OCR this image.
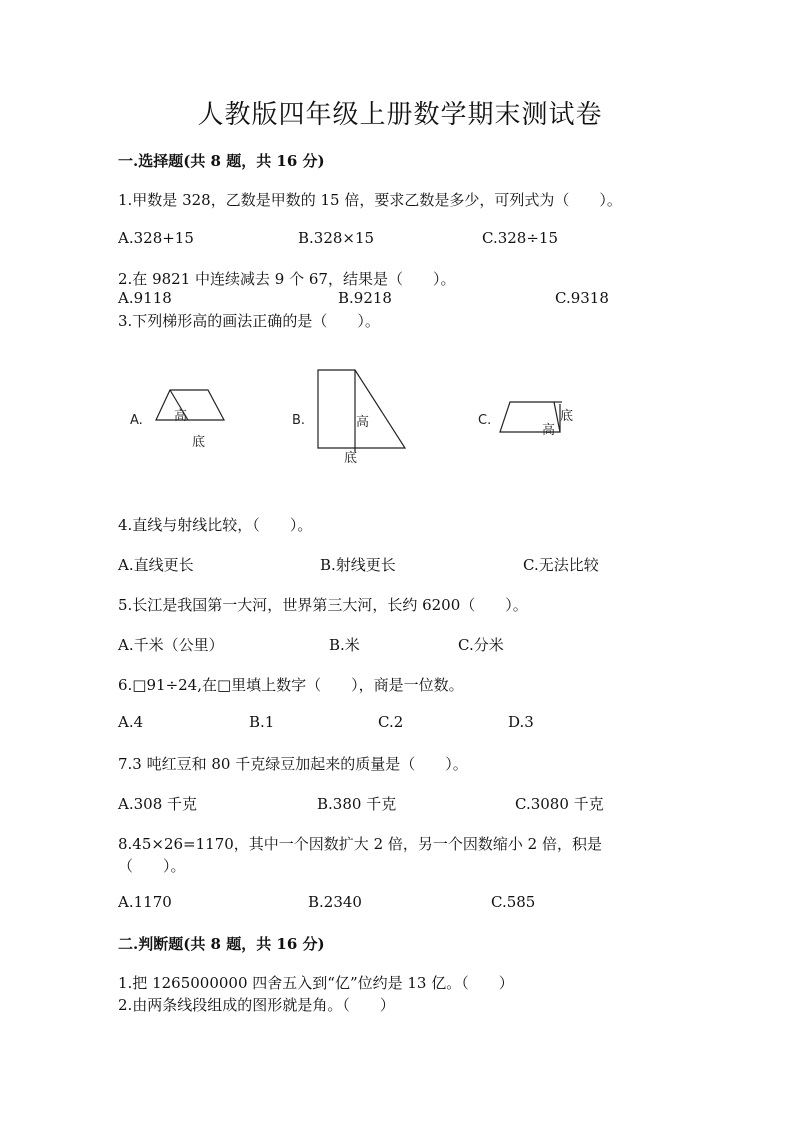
人教版四年级上册数学期末测试卷
一.选择题(共 8 题，共 16 分)
1.甲数是 328，乙数是甲数的 15 倍，要求乙数是多少，可列式为（　　）。
A.328+15	B.328×15	C.328÷15
2.在 9821 中连续减去 9 个 67，结果是（　　）。
A.9118	B.9218	C.9318
3.下列梯形高的画法正确的是（　　）。
A. 高
底
B.	高
底
C.
高
底
4.直线与射线比较，（　　）。
A.直线更长	B.射线更长	C.无法比较
5.长江是我国第一大河，世界第三大河，长约 6200（　　）。
A.千米（公里）	B.米	C.分米
6.□91÷24,在□里填上数字（　　），商是一位数。
A.4	B.1	C.2	D.3
7.3 吨红豆和 80 千克绿豆加起来的质量是（　　）。
A.308 千克	B.380 千克	C.3080 千克
8.45×26=1170，其中一个因数扩大 2 倍，另一个因数缩小 2 倍，积是
（　　）。
A.1170	B.2340	C.585
二.判断题(共 8 题，共 16 分)
1.把 1265000000 四舍五入到“亿”位约是 13 亿。（　　）
2.由两条线段组成的图形就是角。（　　）
